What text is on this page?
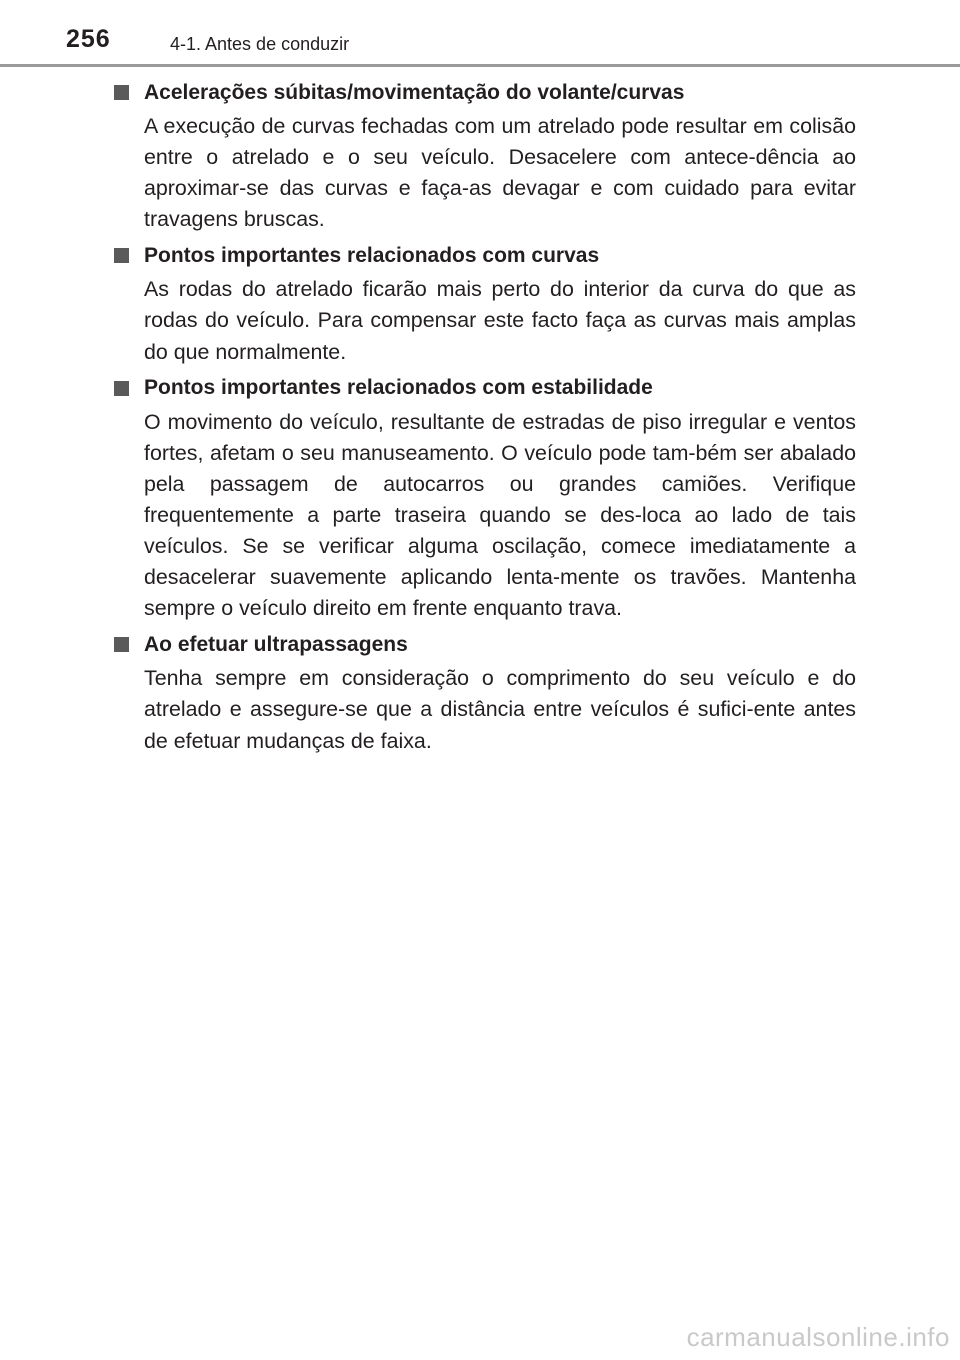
256	4-1. Antes de conduzir
Acelerações súbitas/movimentação do volante/curvas

A execução de curvas fechadas com um atrelado pode resultar em colisão entre o atrelado e o seu veículo. Desacelere com antece-dência ao aproximar-se das curvas e faça-as devagar e com cuidado para evitar travagens bruscas.

Pontos importantes relacionados com curvas

As rodas do atrelado ficarão mais perto do interior da curva do que as rodas do veículo. Para compensar este facto faça as curvas mais amplas do que normalmente.

Pontos importantes relacionados com estabilidade

O movimento do veículo, resultante de estradas de piso irregular e ventos fortes, afetam o seu manuseamento. O veículo pode tam-bém ser abalado pela passagem de autocarros ou grandes camiões. Verifique frequentemente a parte traseira quando se des-loca ao lado de tais veículos. Se se verificar alguma oscilação, comece imediatamente a desacelerar suavemente aplicando lenta-mente os travões. Mantenha sempre o veículo direito em frente enquanto trava.

Ao efetuar ultrapassagens

Tenha sempre em consideração o comprimento do seu veículo e do atrelado e assegure-se que a distância entre veículos é sufici-ente antes de efetuar mudanças de faixa.

carmanualsonline.info
